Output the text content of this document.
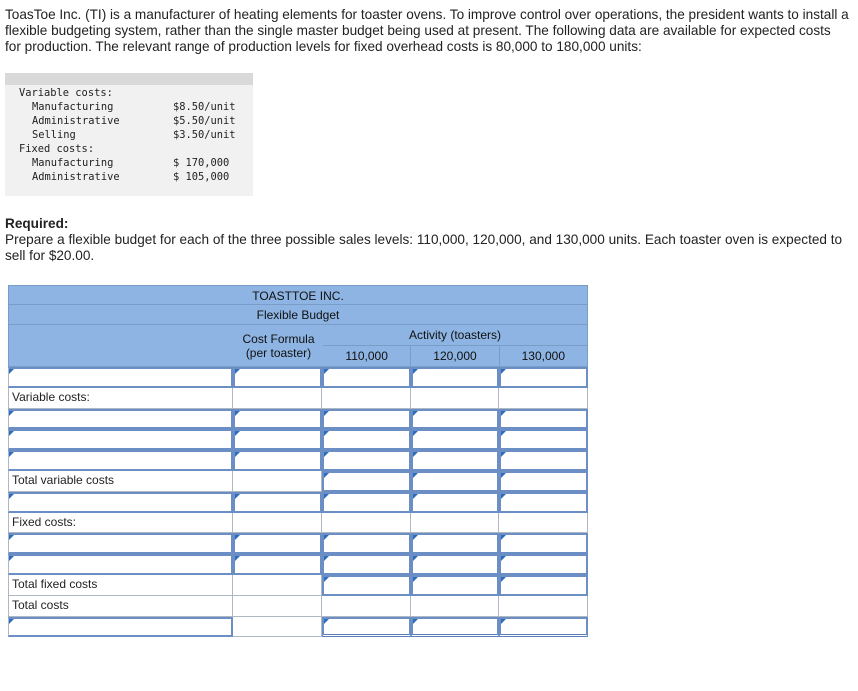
ToasToe Inc. (TI) is a manufacturer of heating elements for toaster ovens. To improve control over operations, the president wants to install a flexible budgeting system, rather than the single master budget being used at present. The following data are available for expected costs for production. The relevant range of production levels for fixed overhead costs is 80,000 to 180,000 units:

Variable costs:
Manufacturing	$8.50/unit
Administrative	$5.50/unit
Selling	$3.50/unit
Fixed costs:
Manufacturing	$ 170,000
Administrative	$ 105,000

Required:

Prepare a flexible budget for each of the three possible sales levels: 110,000, 120,000, and 130,000 units. Each toaster oven is expected to sell for $20.00.

TOASTTOE INC.
Flexible Budget
Cost Formula
(per toaster)
Activity (toasters)
110,000	120,000	130,000
Variable costs:
Total variable costs
Fixed costs:
Total fixed costs
Total costs
